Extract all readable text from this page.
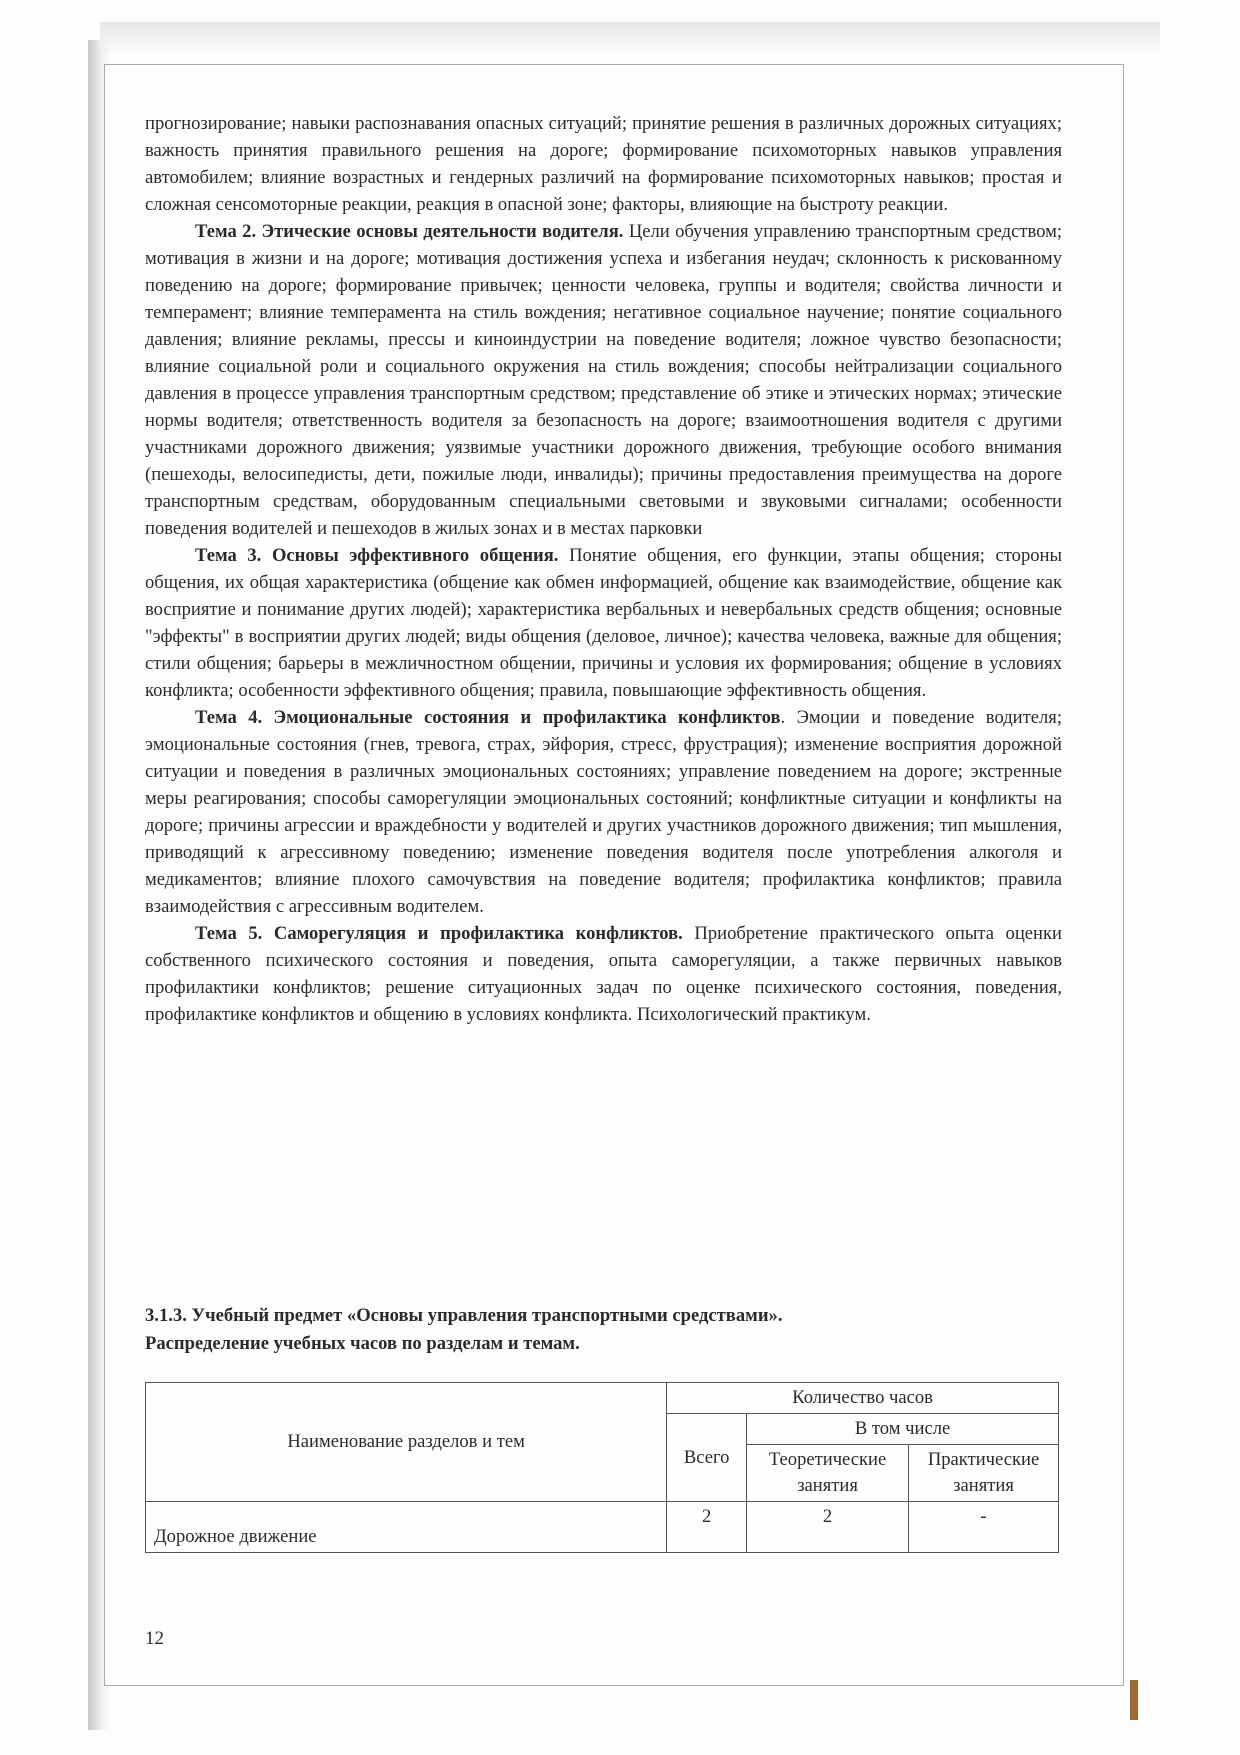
прогнозирование; навыки распознавания опасных ситуаций; принятие решения в различных дорожных ситуациях; важность принятия правильного решения на дороге; формирование психомоторных навыков управления автомобилем; влияние возрастных и гендерных различий на формирование психомоторных навыков; простая и сложная сенсомоторные реакции, реакция в опасной зоне; факторы, влияющие на быстроту реакции.

Тема 2. Этические основы деятельности водителя. Цели обучения управлению транспортным средством; мотивация в жизни и на дороге; мотивация достижения успеха и избегания неудач; склонность к рискованному поведению на дороге; формирование привычек; ценности человека, группы и водителя; свойства личности и темперамент; влияние темперамента на стиль вождения; негативное социальное научение; понятие социального давления; влияние рекламы, прессы и киноиндустрии на поведение водителя; ложное чувство безопасности; влияние социальной роли и социального окружения на стиль вождения; способы нейтрализации социального давления в процессе управления транспортным средством; представление об этике и этических нормах; этические нормы водителя; ответственность водителя за безопасность на дороге; взаимоотношения водителя с другими участниками дорожного движения; уязвимые участники дорожного движения, требующие особого внимания (пешеходы, велосипедисты, дети, пожилые люди, инвалиды); причины предоставления преимущества на дороге транспортным средствам, оборудованным специальными световыми и звуковыми сигналами; особенности поведения водителей и пешеходов в жилых зонах и в местах парковки

Тема 3. Основы эффективного общения. Понятие общения, его функции, этапы общения; стороны общения, их общая характеристика (общение как обмен информацией, общение как взаимодействие, общение как восприятие и понимание других людей); характеристика вербальных и невербальных средств общения; основные "эффекты" в восприятии других людей; виды общения (деловое, личное); качества человека, важные для общения; стили общения; барьеры в межличностном общении, причины и условия их формирования; общение в условиях конфликта; особенности эффективного общения; правила, повышающие эффективность общения.

Тема 4. Эмоциональные состояния и профилактика конфликтов. Эмоции и поведение водителя; эмоциональные состояния (гнев, тревога, страх, эйфория, стресс, фрустрация); изменение восприятия дорожной ситуации и поведения в различных эмоциональных состояниях; управление поведением на дороге; экстренные меры реагирования; способы саморегуляции эмоциональных состояний; конфликтные ситуации и конфликты на дороге; причины агрессии и враждебности у водителей и других участников дорожного движения; тип мышления, приводящий к агрессивному поведению; изменение поведения водителя после употребления алкоголя и медикаментов; влияние плохого самочувствия на поведение водителя; профилактика конфликтов; правила взаимодействия с агрессивным водителем.

Тема 5. Саморегуляция и профилактика конфликтов. Приобретение практического опыта оценки собственного психического состояния и поведения, опыта саморегуляции, а также первичных навыков профилактики конфликтов; решение ситуационных задач по оценке психического состояния, поведения, профилактике конфликтов и общению в условиях конфликта. Психологический практикум.

3.1.3. Учебный предмет «Основы управления транспортными средствами».
Распределение учебных часов по разделам и темам.
Наименование разделов и тем	Количество часов		
	Всего	В том числе	
		Теоретические занятия	Практические занятия
Дорожное движение	2	2	-
12
